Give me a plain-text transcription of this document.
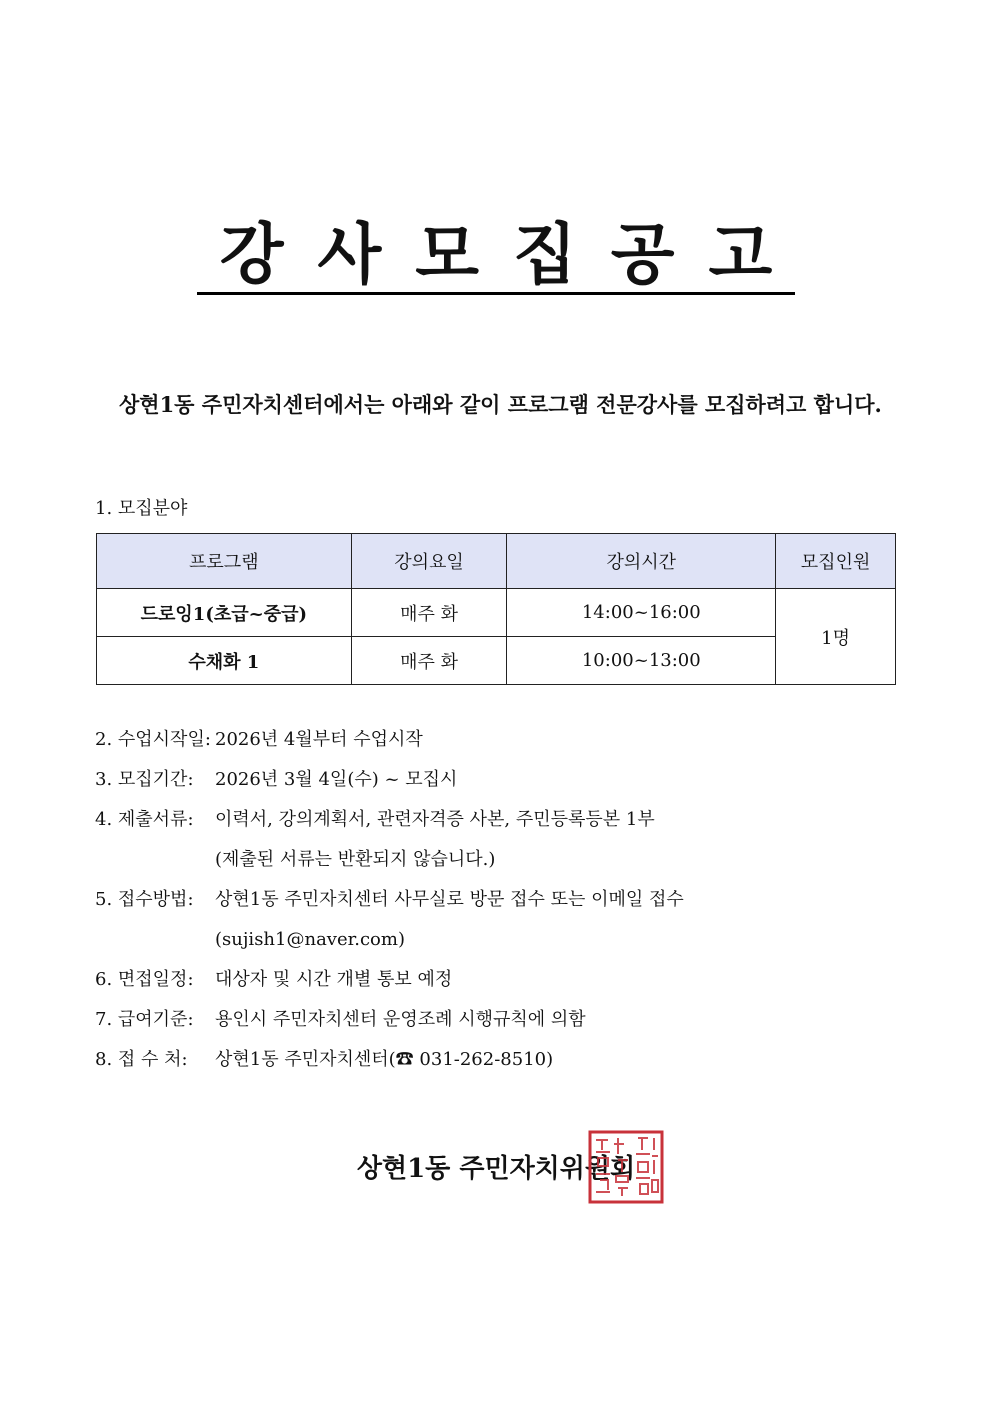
강 사 모 집 공 고
상현1동 주민자치센터에서는 아래와 같이 프로그램 전문강사를 모집하려고 합니다.
1. 모집분야
프로그램	강의요일	강의시간	모집인원
드로잉1(초급~중급)	매주 화	14:00~16:00	1명
수채화 1	매주 화	10:00~13:00	
2. 수업시작일: 2026년 4월부터 수업시작
3. 모집기간:	2026년 3월 4일(수) ~ 모집시
4. 제출서류:	이력서, 강의계획서, 관련자격증 사본, 주민등록등본 1부
(제출된 서류는 반환되지 않습니다.)
5. 접수방법:	상현1동 주민자치센터 사무실로 방문 접수 또는 이메일 접수
(sujish1@naver.com)
6. 면접일정:	대상자 및 시간 개별 통보 예정
7. 급여기준:	용인시 주민자치센터 운영조례 시행규칙에 의함
8. 접 수 처:	상현1동 주민자치센터(☎ 031-262-8510)
상현1동 주민자치위원회
